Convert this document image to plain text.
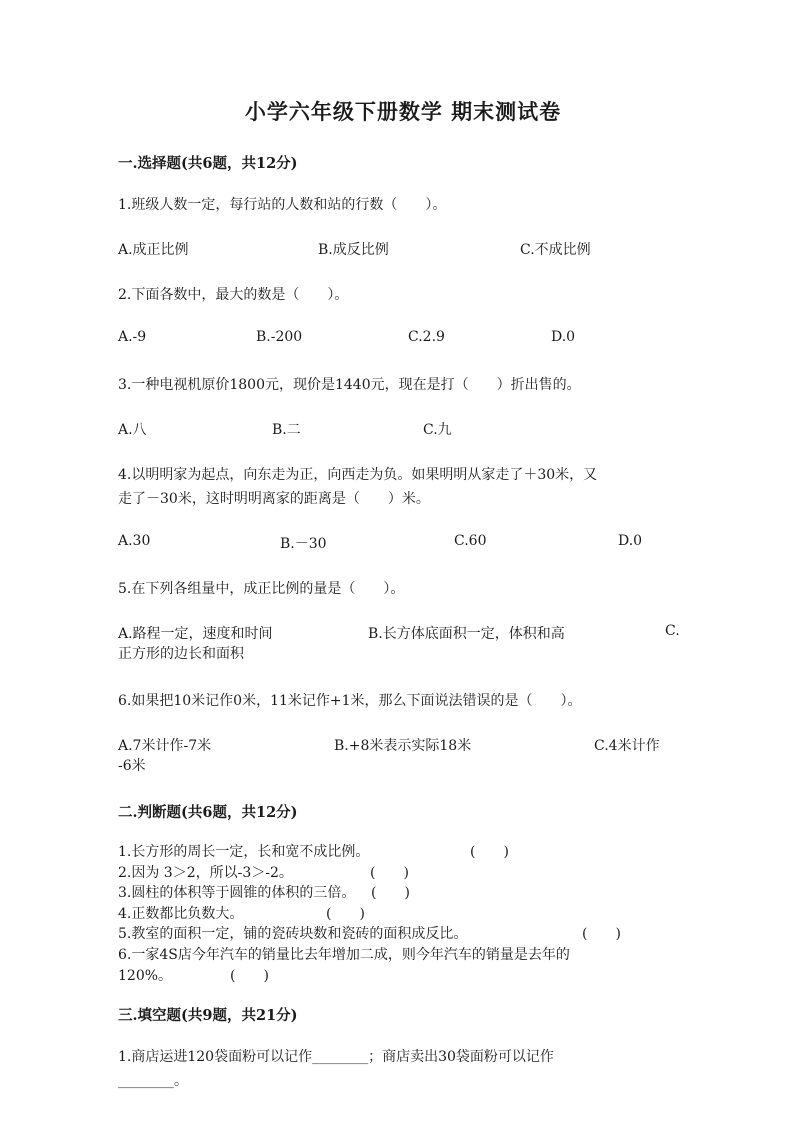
小学六年级下册数学 期末测试卷
一.选择题(共6题，共12分)
1.班级人数一定，每行站的人数和站的行数（　　）。
A.成正比例	B.成反比例	C.不成比例
2.下面各数中，最大的数是（　　）。
A.-9	B.-200	C.2.9	D.0
3.一种电视机原价1800元，现价是1440元，现在是打（　　）折出售的。
A.八	B.二	C.九
4.以明明家为起点，向东走为正，向西走为负。如果明明从家走了＋30米，又
走了－30米，这时明明离家的距离是（　　）米。
A.30	B.－30	C.60	D.0
5.在下列各组量中，成正比例的量是（　　）。
A.路程一定，速度和时间	B.长方体底面积一定，体积和高	C.
正方形的边长和面积
6.如果把10米记作0米，11米记作+1米，那么下面说法错误的是（　　）。
A.7米计作-7米	B.+8米表示实际18米	C.4米计作
-6米
二.判断题(共6题，共12分)
1.长方形的周长一定，长和宽不成比例。	(　　)
2.因为 3＞2，所以-3＞-2。	(　　)
3.圆柱的体积等于圆锥的体积的三倍。 (　　)
4.正数都比负数大。	(　　)
5.教室的面积一定，铺的瓷砖块数和瓷砖的面积成反比。	(　　)
6.一家4S店今年汽车的销量比去年增加二成，则今年汽车的销量是去年的
120%。	(　　)
三.填空题(共9题，共21分)
1.商店运进120袋面粉可以记作________；商店卖出30袋面粉可以记作
________。
